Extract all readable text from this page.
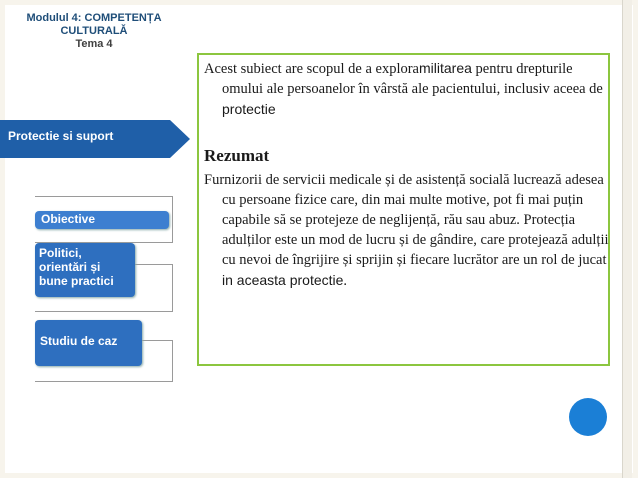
Modulul 4: COMPETENȚA
CULTURALĂ
Tema 4
Protectie si suport
Obiective
Politici, orientări și bune practici
Studiu de caz
Acest subiect are scopul de a exploramilitarea pentru drepturile omului ale persoanelor în vârstă ale pacientului, inclusiv aceea de protectie
Rezumat
Furnizorii de servicii medicale și de asistență socială lucrează adesea cu persoane fizice care, din mai multe motive, pot fi mai puțin capabile să se protejeze de neglijență, rău sau abuz. Protecția adulților este un mod de lucru și de gândire, care protejează adulții cu nevoi de îngrijire și sprijin și fiecare lucrător are un rol de jucat in aceasta protectie.
